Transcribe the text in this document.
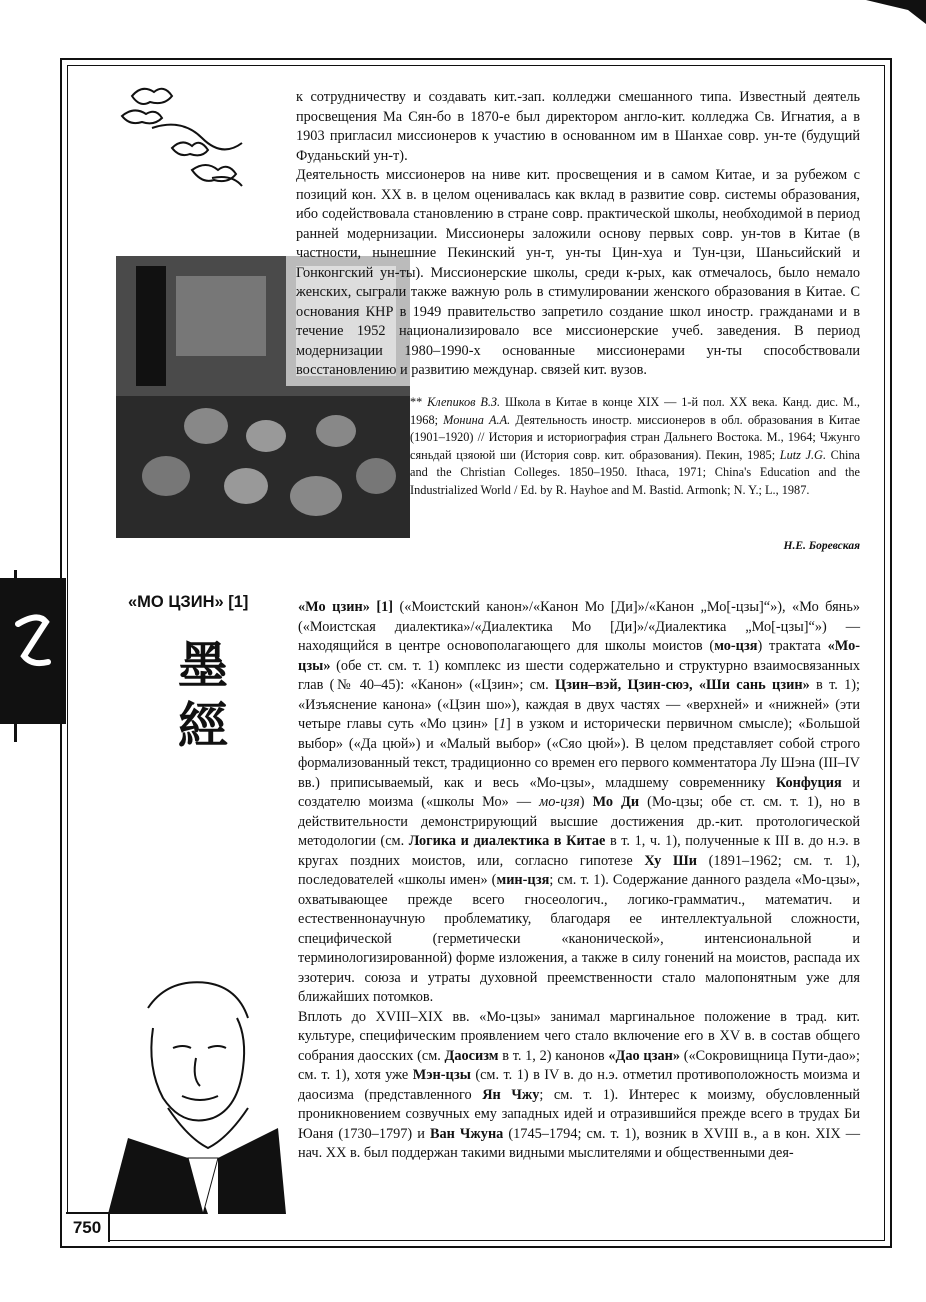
к сотрудничеству и создавать кит.-зап. колледжи смешанного типа. Известный деятель просвещения Ма Сян-бо в 1870-е был директором англо-кит. колледжа Св. Игнатия, а в 1903 пригласил миссионеров к участию в основанном им в Шанхае совр. ун-те (будущий Фуданьский ун-т).

Деятельность миссионеров на ниве кит. просвещения и в самом Китае, и за рубежом с позиций кон. XX в. в целом оценивалась как вклад в развитие совр. системы образования, ибо содействовала становлению в стране совр. практической школы, необходимой в период ранней модернизации. Миссионеры заложили основу первых совр. ун-тов в Китае (в частности, нынешние Пекинский ун-т, ун-ты Цин-хуа и Тун-цзи, Шаньсийский и Гонконгский ун-ты). Миссионерские школы, среди к-рых, как отмечалось, было немало женских, сыграли также важную роль в стимулировании женского образования в Китае. С основания КНР в 1949 правительство запретило создание школ иностр. гражданами и в течение 1952 национализировало все миссионерские учеб. заведения. В период модернизации 1980–1990-х основанные миссионерами ун-ты способствовали восстановлению и развитию междунар. связей кит. вузов.

** Клепиков В.З. Школа в Китае в конце XIX — 1-й пол. XX века. Канд. дис. М., 1968; Монина А.А. Деятельность иностр. миссионеров в обл. образования в Китае (1901–1920) // История и историография стран Дальнего Востока. М., 1964; Чжунго сяньдай цзяоюй ши (История совр. кит. образования). Пекин, 1985; Lutz J.G. China and the Christian Colleges. 1850–1950. Ithaca, 1971; China's Education and the Industrialized World / Ed. by R. Hayhoe and M. Bastid. Armonk; N. Y.; L., 1987.
Н.Е. Боревская
«МО ЦЗИН» [1]
墨
經

«Мо цзин» [1] («Моистский канон»/«Канон Мо [Ди]»/«Канон „Мо[-цзы]“»), «Мо бянь» («Моистская диалектика»/«Диалектика Мо [Ди]»/«Диалектика „Мо[-цзы]“») — находящийся в центре основополагающего для школы моистов (мо-цзя) трактата «Мо-цзы» (обе ст. см. т. 1) комплекс из шести содержательно и структурно взаимосвязанных глав (№ 40–45): «Канон» («Цзин»; см. Цзин–вэй, Цзин-сюэ, «Ши сань цзин» в т. 1); «Изъяснение канона» («Цзин шо»), каждая в двух частях — «верхней» и «нижней» (эти четыре главы суть «Мо цзин» [1] в узком и исторически первичном смысле); «Большой выбор» («Да цюй») и «Малый выбор» («Сяо цюй»). В целом представляет собой строго формализованный текст, традиционно со времен его первого комментатора Лу Шэна (III–IV вв.) приписываемый, как и весь «Мо-цзы», младшему современнику Конфуция и создателю моизма («школы Мо» — мо-цзя) Мо Ди (Мо-цзы; обе ст. см. т. 1), но в действительности демонстрирующий высшие достижения др.-кит. протологической методологии (см. Логика и диалектика в Китае в т. 1, ч. 1), полученные к III в. до н.э. в кругах поздних моистов, или, согласно гипотезе Ху Ши (1891–1962; см. т. 1), последователей «школы имен» (мин-цзя; см. т. 1). Содержание данного раздела «Мо-цзы», охватывающее прежде всего гносеологич., логико-грамматич., математич. и естественнонаучную проблематику, благодаря ее интеллектуальной сложности, специфической (герметически «канонической», интенсиональной и терминологизированной) форме изложения, а также в силу гонений на моистов, распада их эзотерич. союза и утраты духовной преемственности стало малопонятным уже для ближайших потомков.

Вплоть до XVIII–XIX вв. «Мо-цзы» занимал маргинальное положение в трад. кит. культуре, специфическим проявлением чего стало включение его в XV в. в состав общего собрания даосских (см. Даосизм в т. 1, 2) канонов «Дао цзан» («Сокровищница Пути-дао»; см. т. 1), хотя уже Мэн-цзы (см. т. 1) в IV в. до н.э. отметил противоположность моизма и даосизма (представленного Ян Чжу; см. т. 1). Интерес к моизму, обусловленный проникновением созвучных ему западных идей и отразившийся прежде всего в трудах Би Юаня (1730–1797) и Ван Чжуна (1745–1794; см. т. 1), возник в XVIII в., а в кон. XIX — нач. XX в. был поддержан такими видными мыслителями и общественными дея-

750
